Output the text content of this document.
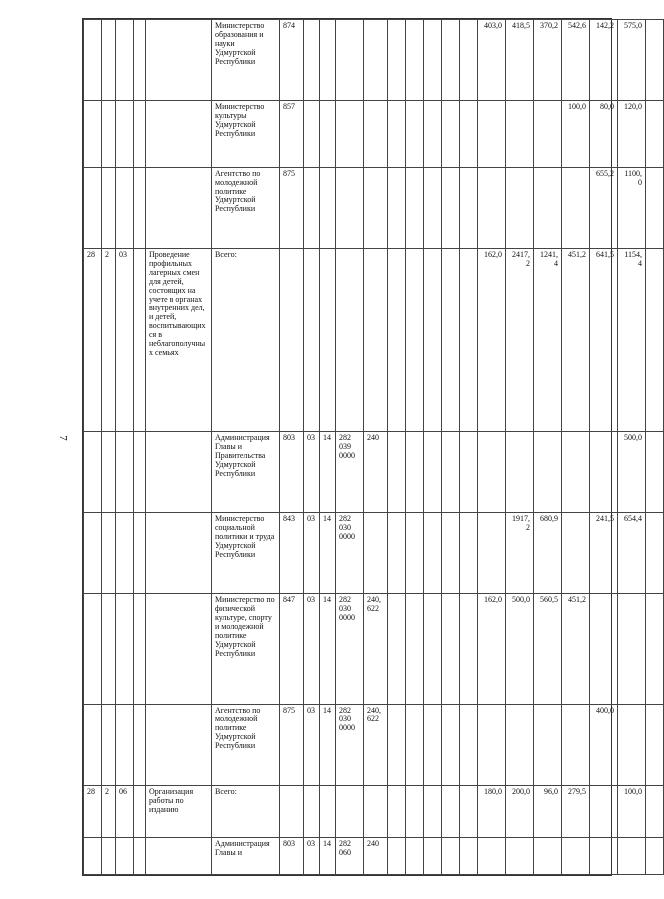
7
					Министерство образования и науки Удмуртской Республики	874										403,0	418,5	370,2	542,6	142,2	575,0	
					Министерство культуры Удмуртской Республики	857													100,0	80,0	120,0	
					Агентство по молодежной политике Удмуртской Республики	875														655,2	1100,0	
28	2	03		Проведение профильных лагерных смен для детей, состоящих на учете в органах внутренних дел, и детей, воспитывающихся в неблагополучных семьях	Всего:											162,0	2417,2	1241,4	451,2	641,5	1154,4	
					Администрация Главы и Правительства Удмуртской Республики	803	03	14	282 039 0000	240											500,0	
					Министерство социальной политики и труда Удмуртской Республики	843	03	14	282 030 0000								1917,2	680,9		241,5	654,4	
					Министерство по физической культуре, спорту и молодежной политике Удмуртской Республики	847	03	14	282 030 0000	240, 622						162,0	500,0	560,5	451,2			
					Агентство по молодежной политике Удмуртской Республики	875	03	14	282 030 0000	240, 622										400,0		
28	2	06		Организация работы по изданию	Всего:											180,0	200,0	96,0	279,5		100,0	
					Администрация Главы и	803	03	14	282 060	240												
